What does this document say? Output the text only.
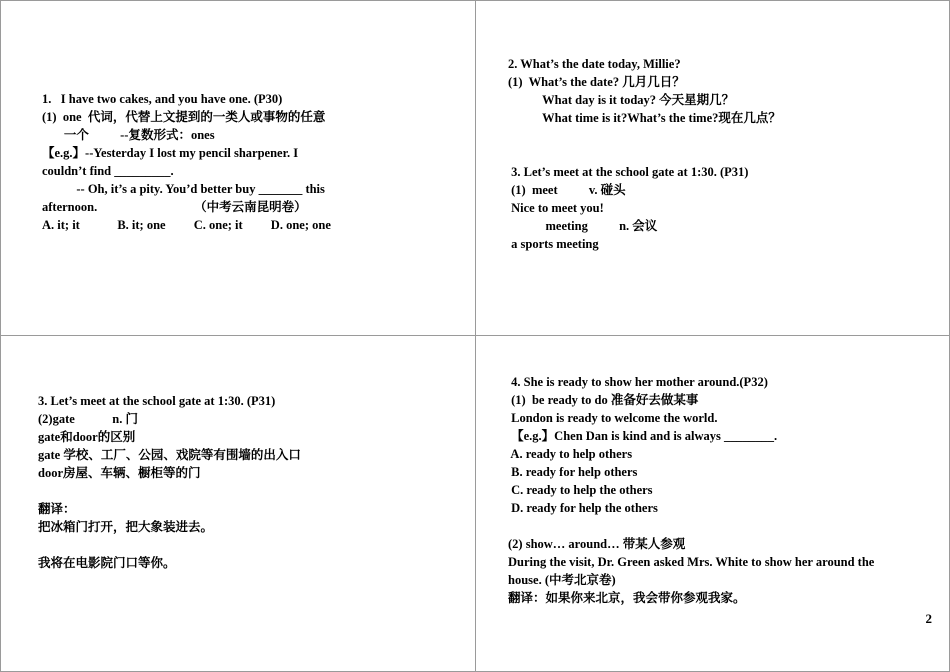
1.   I have two cakes, and you have one. (P30)

(1)  one  代词，代替上文提到的一类人或事物的任意

一个          --复数形式：ones

【e.g.】--Yesterday I lost my pencil sharpener. I

couldn’t find _________.

-- Oh, it’s a pity. You’d better buy _______ this

afternoon.                               （中考云南昆明卷）

A. it; it            B. it; one         C. one; it         D. one; one

2. What’s the date today, Millie?

(1)  What’s the date? 几月几日？

What day is it today? 今天星期几？

What time is it?What’s the time?现在几点？

3. Let’s meet at the school gate at 1:30. (P31)

(1)  meet          v. 碰头

Nice to meet you!

meeting          n. 会议

a sports meeting

3. Let’s meet at the school gate at 1:30. (P31)

(2)gate            n. 门

gate和door的区别

gate 学校、工厂、公园、戏院等有围墙的出入口

door房屋、车辆、橱柜等的门

翻译：

把冰箱门打开，把大象装进去。

我将在电影院门口等你。

4. She is ready to show her mother around.(P32)

(1)  be ready to do 准备好去做某事

London is ready to welcome the world.

【e.g.】Chen Dan is kind and is always ________.

A. ready to help others

B. ready for help others

C. ready to help the others

D. ready for help the others

(2) show… around… 带某人参观

During the visit, Dr. Green asked Mrs. White to show her around the

house. (中考北京卷)

翻译：如果你来北京，我会带你参观我家。

2
